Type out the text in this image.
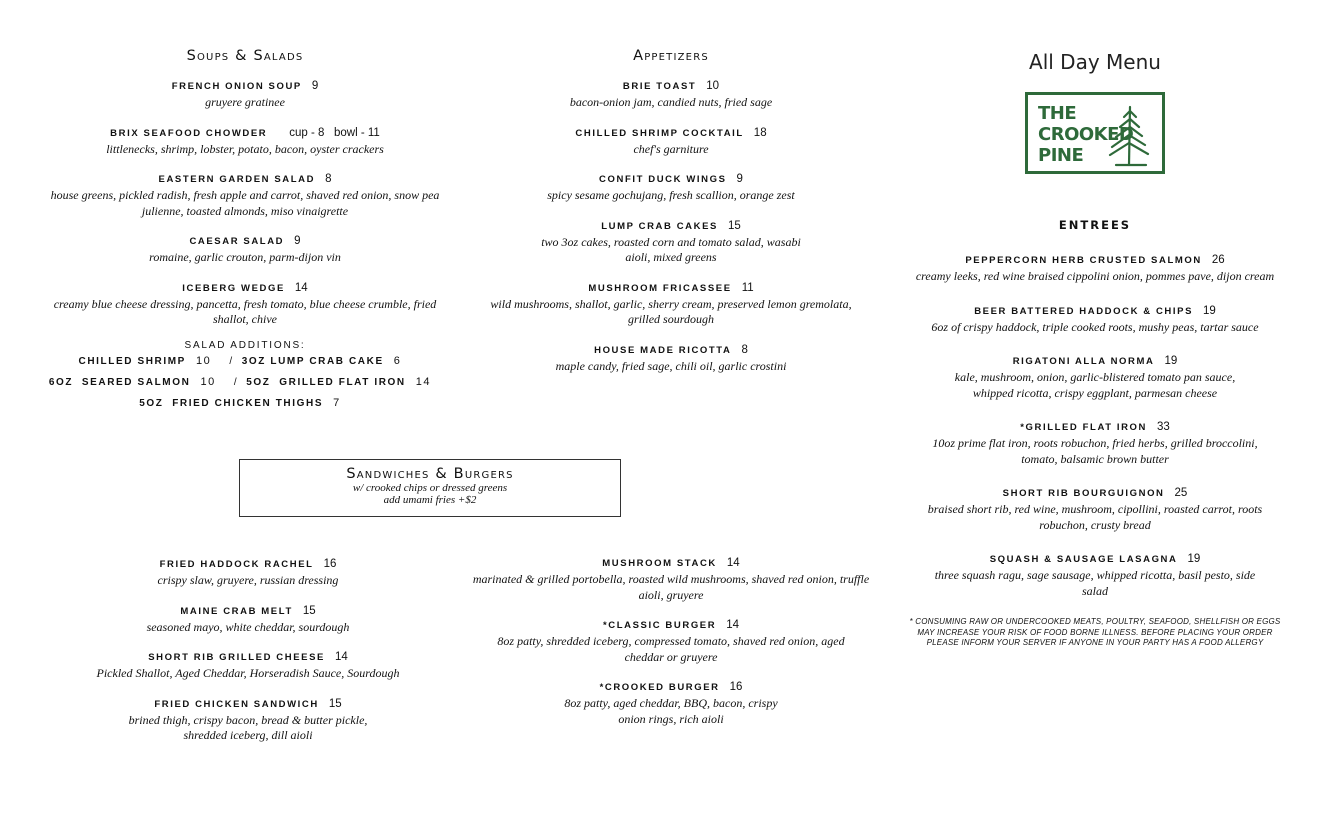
Soups & Salads
FRENCH ONION SOUP 9
gruyere gratinee
BRIX SEAFOOD CHOWDER cup - 8   bowl - 11
littlenecks, shrimp, lobster, potato, bacon, oyster crackers
EASTERN GARDEN SALAD 8
house greens, pickled radish, fresh apple and carrot, shaved red onion, snow pea julienne, toasted almonds, miso vinaigrette
CAESAR SALAD 9
romaine, garlic crouton, parm-dijon vin
ICEBERG WEDGE 14
creamy blue cheese dressing, pancetta, fresh tomato, blue cheese crumble, fried shallot, chive
SALAD ADDITIONS:
CHILLED SHRIMP 10 / 3OZ LUMP CRAB CAKE 6
6OZ  SEARED SALMON 10 / 5OZ  GRILLED FLAT IRON 14
5OZ  FRIED CHICKEN THIGHS 7
Appetizers
BRIE TOAST 10
bacon-onion jam, candied nuts, fried sage
CHILLED SHRIMP COCKTAIL 18
chef's garniture
CONFIT DUCK WINGS 9
spicy sesame gochujang, fresh scallion, orange zest
LUMP CRAB CAKES 15
two 3oz cakes, roasted corn and tomato salad, wasabi aioli, mixed greens
MUSHROOM FRICASSEE 11
wild mushrooms, shallot, garlic, sherry cream, preserved lemon gremolata, grilled sourdough
HOUSE MADE RICOTTA 8
maple candy, fried sage, chili oil, garlic crostini
All Day Menu
THE
CROOKED
PINE
ENTREES
PEPPERCORN HERB CRUSTED SALMON 26
creamy leeks, red wine braised cippolini onion, pommes pave, dijon cream
BEER BATTERED HADDOCK & CHIPS 19
6oz of crispy haddock, triple cooked roots, mushy peas, tartar sauce
RIGATONI ALLA NORMA 19
kale, mushroom, onion, garlic-blistered tomato pan sauce, whipped ricotta, crispy eggplant, parmesan cheese
*GRILLED FLAT IRON 33
10oz prime flat iron, roots robuchon, fried herbs, grilled broccolini, tomato, balsamic brown butter
SHORT RIB BOURGUIGNON 25
braised short rib, red wine, mushroom, cipollini, roasted carrot, roots robuchon, crusty bread
SQUASH & SAUSAGE LASAGNA 19
three squash ragu, sage sausage, whipped ricotta, basil pesto, side salad
* CONSUMING RAW OR UNDERCOOKED MEATS, POULTRY, SEAFOOD, SHELLFISH OR EGGS MAY INCREASE YOUR RISK OF FOOD BORNE ILLNESS. BEFORE PLACING YOUR ORDER PLEASE INFORM YOUR SERVER IF ANYONE IN YOUR PARTY HAS A FOOD ALLERGY
Sandwiches & Burgers
w/ crooked chips or dressed greens
add umami fries +$2
FRIED HADDOCK RACHEL 16
crispy slaw, gruyere, russian dressing
MAINE CRAB MELT 15
seasoned mayo, white cheddar, sourdough
SHORT RIB GRILLED CHEESE 14
Pickled Shallot, Aged Cheddar, Horseradish Sauce, Sourdough
FRIED CHICKEN SANDWICH 15
brined thigh, crispy bacon, bread & butter pickle, shredded iceberg, dill aioli
MUSHROOM STACK 14
marinated & grilled portobella, roasted wild mushrooms, shaved red onion, truffle aioli, gruyere
*CLASSIC BURGER 14
8oz patty, shredded iceberg, compressed tomato, shaved red onion, aged cheddar or gruyere
*CROOKED BURGER 16
8oz patty, aged cheddar, BBQ, bacon, crispy onion rings, rich aioli
